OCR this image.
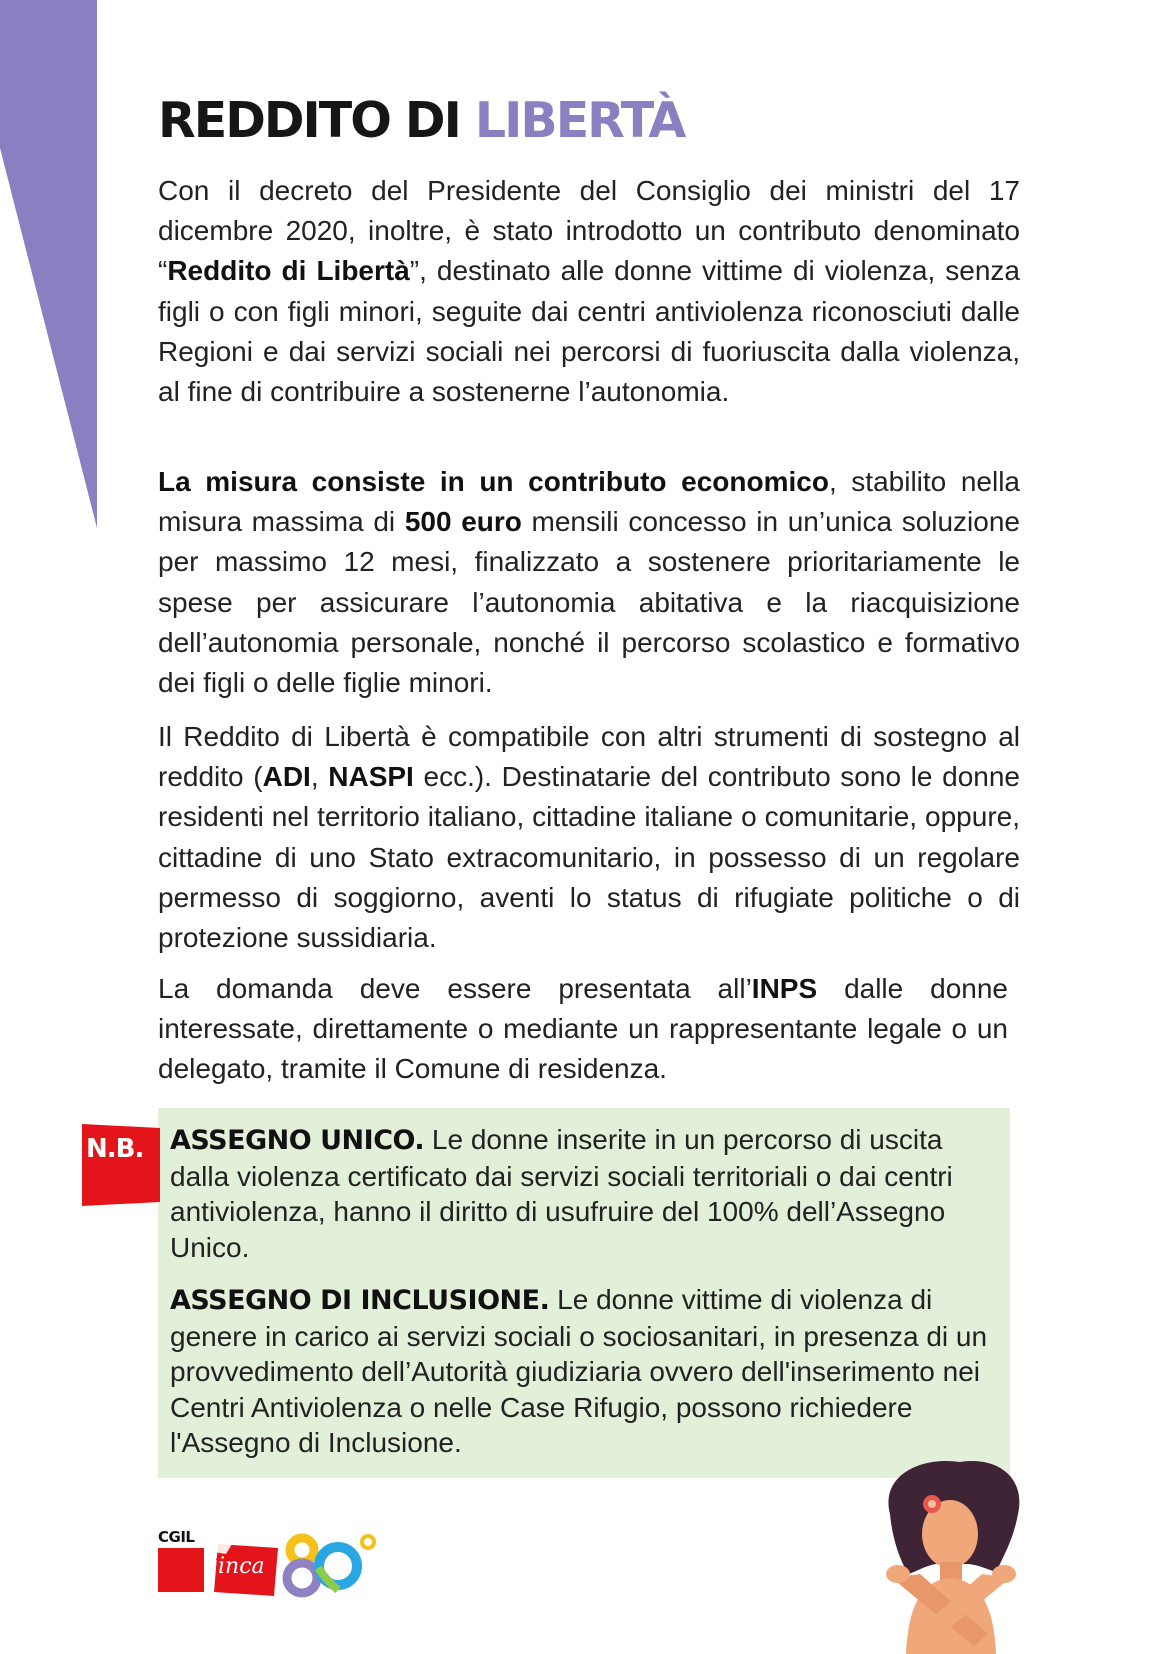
REDDITO DI LIBERTÀ

Con il decreto del Presidente del Consiglio dei ministri del 17 dicembre 2020, inoltre, è stato introdotto un contributo denominato “Reddito di Libertà”, destinato alle donne vittime di violenza, senza figli o con figli minori, seguite dai centri antiviolenza riconosciuti dalle Regioni e dai servizi sociali nei percorsi di fuoriuscita dalla violenza, al fine di contribuire a sostenerne l’autonomia.

La misura consiste in un contributo economico, stabilito nella misura massima di 500 euro mensili concesso in un’unica soluzione per massimo 12 mesi, finalizzato a sostenere prioritariamente le spese per assicurare l’autonomia abitativa e la riacquisizione dell’autonomia personale, nonché il percorso scolastico e formativo dei figli o delle figlie minori.

Il Reddito di Libertà è compatibile con altri strumenti di sostegno al reddito (ADI, NASPI ecc.). Destinatarie del contributo sono le donne residenti nel territorio italiano, cittadine italiane o comunitarie, oppure, cittadine di uno Stato extracomunitario, in possesso di un regolare permesso di soggiorno, aventi lo status di rifugiate politiche o di protezione sussidiaria.

La domanda deve essere presentata all’INPS dalle donne interessate, direttamente o mediante un rappresentante legale o un delegato, tramite il Comune di residenza.

ASSEGNO UNICO. Le donne inserite in un percorso di uscita dalla violenza certificato dai servizi sociali territoriali o dai centri antiviolenza, hanno il diritto di usufruire del 100% dell’Assegno Unico.

ASSEGNO DI INCLUSIONE. Le donne vittime di violenza di genere in carico ai servizi sociali o sociosanitari, in presenza di un provvedimento dell’Autorità giudiziaria ovvero dell'inserimento nei Centri Antiviolenza o nelle Case Rifugio, possono richiedere l'Assegno di Inclusione.

N.B.
CGIL
inca
